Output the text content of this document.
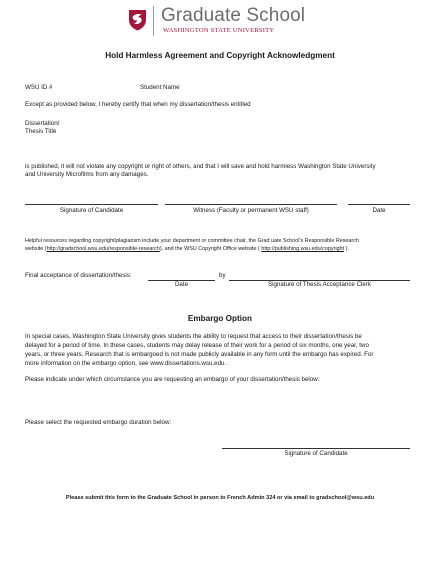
Graduate School
WASHINGTON STATE UNIVERSITY
Hold Harmless Agreement and Copyright Acknowledgment
WSU ID #	Student Name
Except as provided below, I hereby certify that when my dissertation/thesis entitled
Dissertation/
Thesis Title
is published, it will not violate any copyright or right of others, and that I will save and hold harmless Washington State University
and University Microfilms from any damages.
Signature of Candidate	Witness (Faculty or permanent WSU staff)	Date
Helpful resources regarding copyright/plagiarism include your department or committee chair, the Grad uate School's Responsible Research
website (http://gradschool.wsu.edu/responsible-research), and the WSU Copyright Office website ( http://publishing.wsu.edu/copyright ).
Final acceptance of dissertation/thesis:	by
Date	Signature of Thesis Acceptance Clerk
Embargo Option
In special cases, Washington State University gives students the ability to request that access to their dissertation/thesis be
delayed for a period of time. In these cases, students may delay release of their work for a period of six months, one year, two
years, or three years. Research that is embargoed is not made publicly available in any form until the embargo has expired. For
more information on the embargo option, see www.dissertations.wsu.edu.
Please indicate under which circumstance you are requesting an embargo of your dissertation/thesis below:
Please select the requested embargo duration below:
Signature of Candidate
Please submit this form to the Graduate School in person to French Admin 324 or via email to gradschool@wsu.edu
